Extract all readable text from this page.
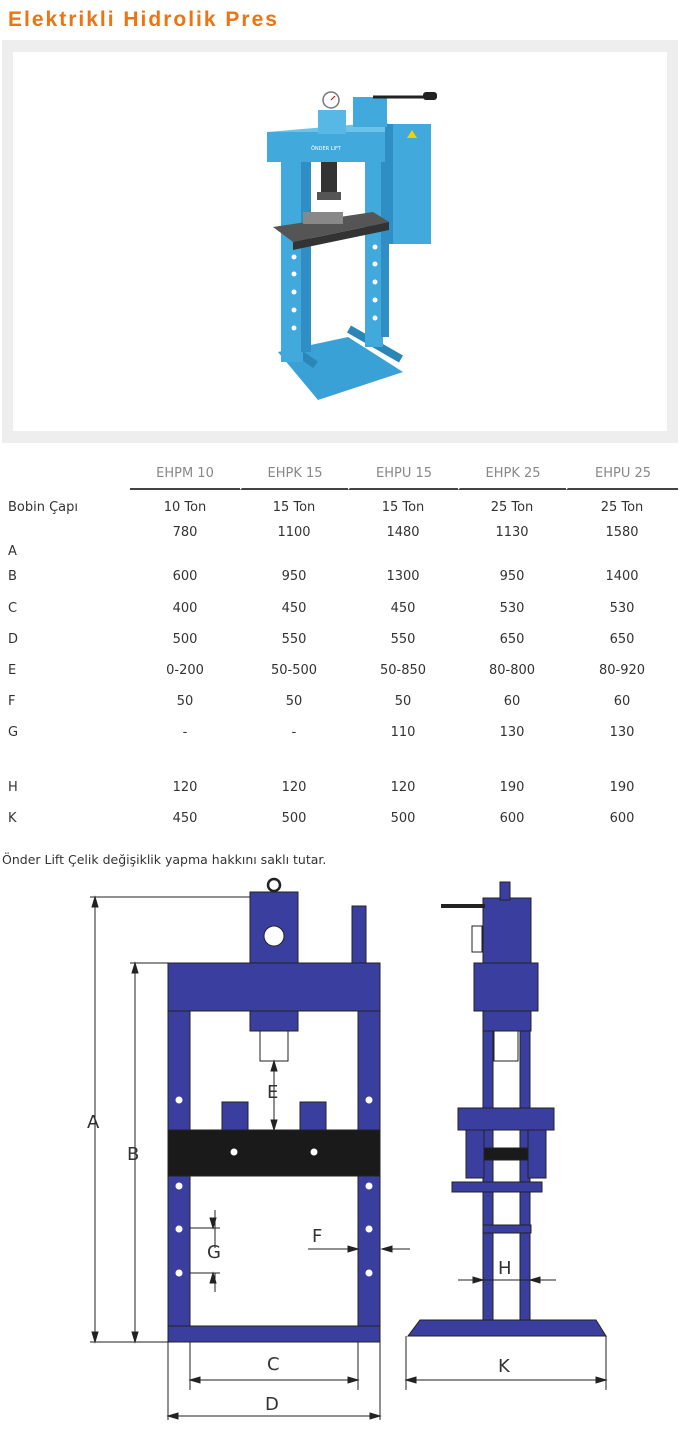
Elektrikli Hidrolik Pres
ÖNDER LIFT
	EHPM 10	EHPK 15	EHPU 15	EHPK 25	EHPU 25
Bobin Çapı	10 Ton	15 Ton	15 Ton	25 Ton	25 Ton
A	780	1100	1480	1130	1580
B	600	950	1300	950	1400
C	400	450	450	530	530
D	500	550	550	650	650
E	0-200	50-500	50-850	80-800	80-920
F	50	50	50	60	60
G	-	-	110	130	130

H	120	120	120	190	190
K	450	500	500	600	600

Önder Lift Çelik değişiklik yapma hakkını saklı tutar.

A
B
C
D
E
F
G
H
K
